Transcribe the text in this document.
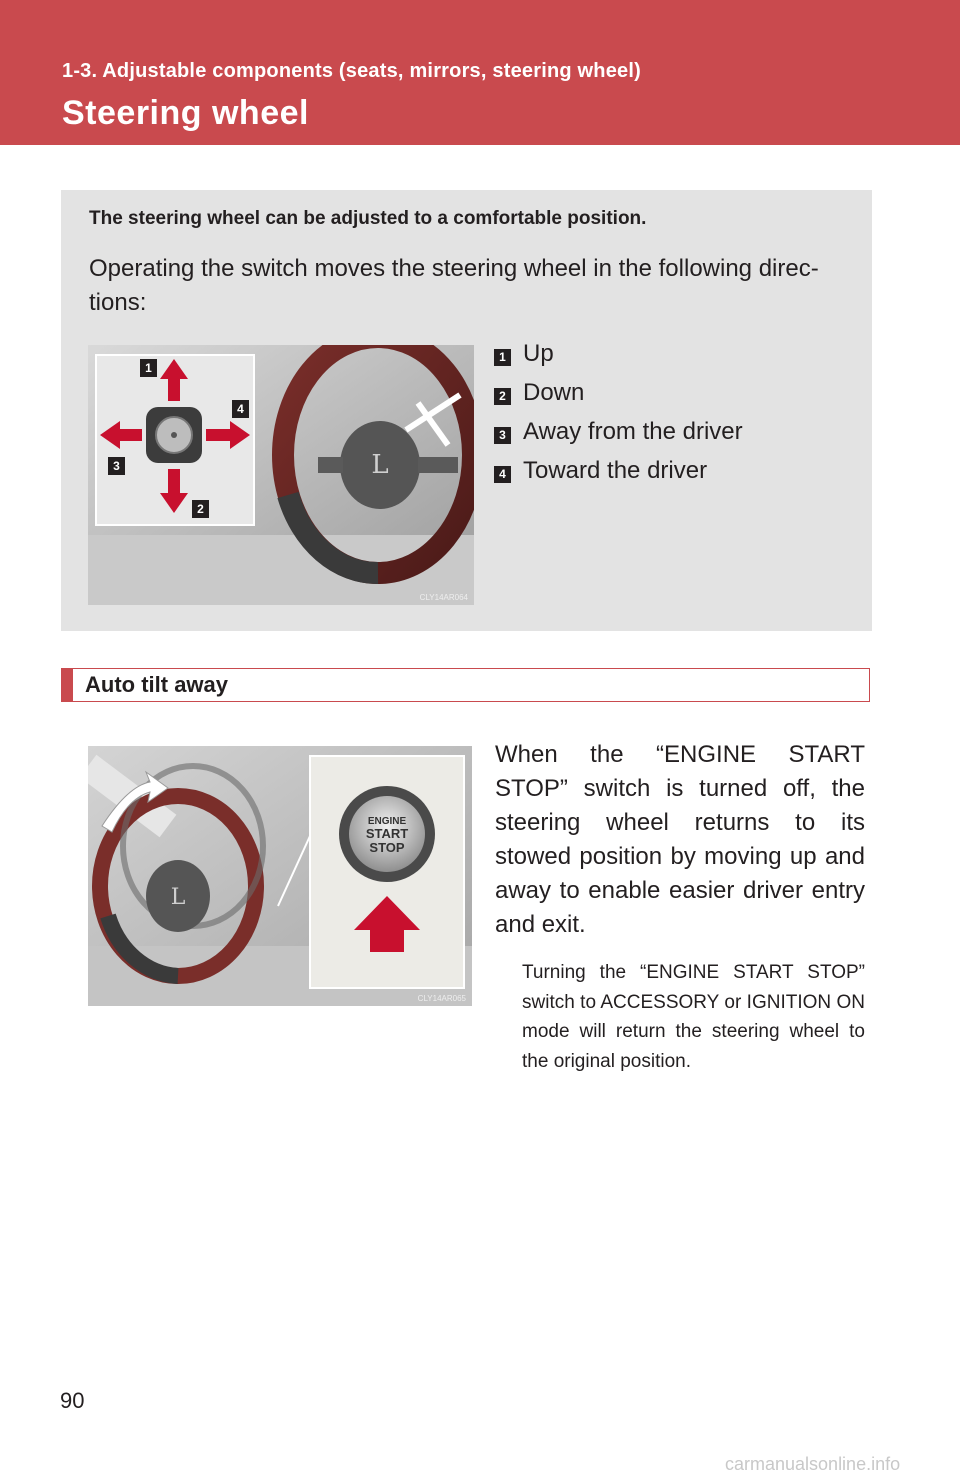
1-3. Adjustable components (seats, mirrors, steering wheel)
Steering wheel
The steering wheel can be adjusted to a comfortable position.
Operating the switch moves the steering wheel in the following direc-tions:
L
1
2
3
4
CLY14AR064
1 Up
2 Down
3 Away from the driver
4 Toward the driver
Auto tilt away
L
ENGINE
START
STOP
CLY14AR065
When the “ENGINE START STOP” switch is turned off, the steering wheel returns to its stowed position by moving up and away to enable easier driver entry and exit.
Turning the “ENGINE START STOP” switch to ACCESSORY or IGNITION ON mode will return the steering wheel to the original position.
90
carmanualsonline.info
